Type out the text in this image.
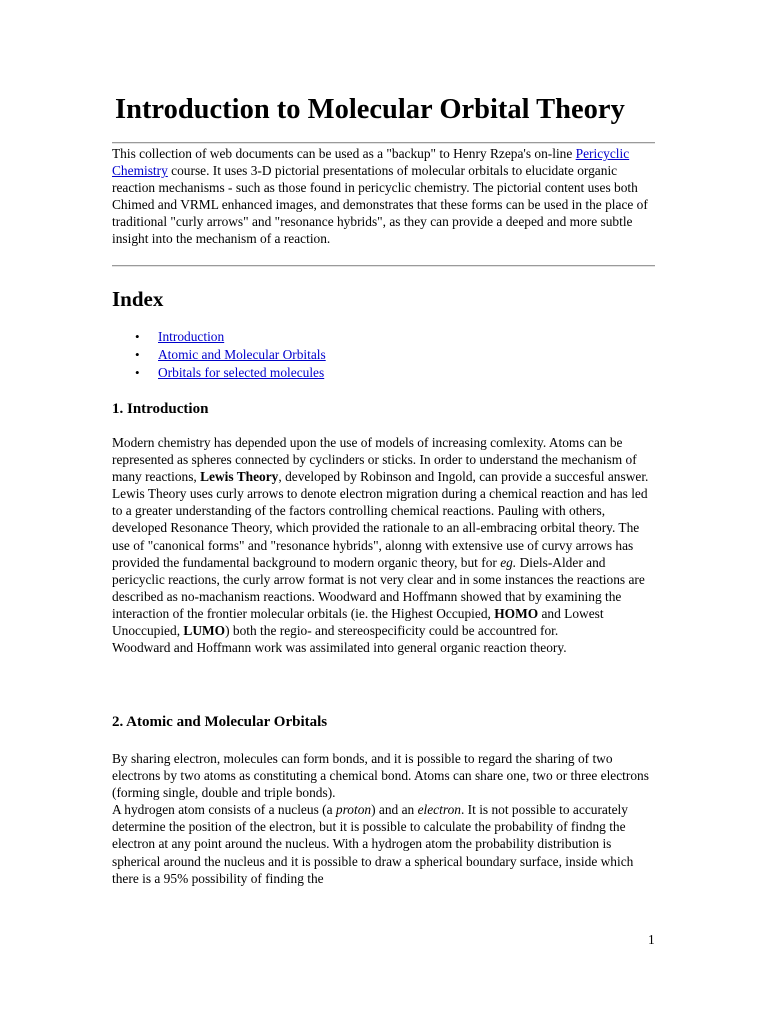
Introduction to Molecular Orbital Theory

This collection of web documents can be used as a "backup" to Henry Rzepa's on-line Pericyclic Chemistry course. It uses 3-D pictorial presentations of molecular orbitals to elucidate organic reaction mechanisms - such as those found in pericyclic chemistry. The pictorial content uses both Chimed and VRML enhanced images, and demonstrates that these forms can be used in the place of traditional "curly arrows" and "resonance hybrids", as they can provide a deeped and more subtle insight into the mechanism of a reaction.

Index
• Introduction
• Atomic and Molecular Orbitals
• Orbitals for selected molecules
1. Introduction

Modern chemistry has depended upon the use of models of increasing comlexity. Atoms can be represented as spheres connected by cyclinders or sticks. In order to understand the mechanism of many reactions, Lewis Theory, developed by Robinson and Ingold, can provide a succesful answer.
Lewis Theory uses curly arrows to denote electron migration during a chemical reaction and has led to a greater understanding of the factors controlling chemical reactions. Pauling with others, developed Resonance Theory, which provided the rationale to an all-embracing orbital theory. The use of "canonical forms" and "resonance hybrids", alonng with extensive use of curvy arrows has provided the fundamental background to modern organic theory, but for eg. Diels-Alder and pericyclic reactions, the curly arrow format is not very clear and in some instances the reactions are described as no-machanism reactions. Woodward and Hoffmann showed that by examining the interaction of the frontier molecular orbitals (ie. the Highest Occupied, HOMO and Lowest Unoccupied, LUMO) both the regio- and stereospecificity could be accountred for.
Woodward and Hoffmann work was assimilated into general organic reaction theory.

2. Atomic and Molecular Orbitals

By sharing electron, molecules can form bonds, and it is possible to regard the sharing of two electrons by two atoms as constituting a chemical bond. Atoms can share one, two or three electrons (forming single, double and triple bonds).
A hydrogen atom consists of a nucleus (a proton) and an electron. It is not possible to accurately determine the position of the electron, but it is possible to calculate the probability of findng the electron at any point around the nucleus. With a hydrogen atom the probability distribution is spherical around the nucleus and it is possible to draw a spherical boundary surface, inside which there is a 95% possibility of finding the

1
